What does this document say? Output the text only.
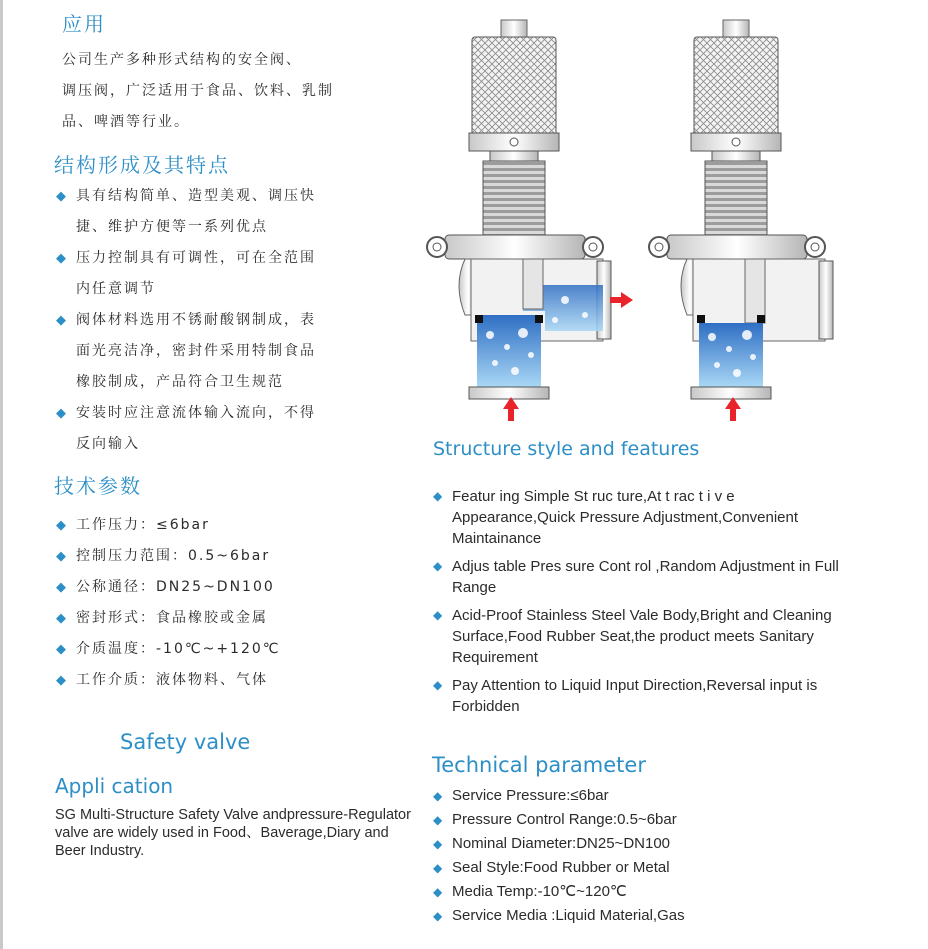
应用
公司生产多种形式结构的安全阀、
调压阀，广泛适用于食品、饮料、乳制
品、啤酒等行业。
结构形成及其特点
◆ 具有结构简单、造型美观、调压快
捷、维护方便等一系列优点
◆ 压力控制具有可调性，可在全范围
内任意调节
◆ 阀体材料选用不锈耐酸钢制成，表
面光亮洁净，密封件采用特制食品
橡胶制成，产品符合卫生规范
◆ 安装时应注意流体输入流向，不得
反向输入
技术参数
◆ 工作压力：≤6bar
◆ 控制压力范围：0.5~6bar
◆ 公称通径：DN25~DN100
◆ 密封形式：食品橡胶或金属
◆ 介质温度：-10℃~+120℃
◆ 工作介质：液体物料、气体
Safety valve
Appli cation
SG Multi-Structure Safety Valve andpressure-Regulator valve are widely used in Food、Baverage,Diary and Beer Industry.
Structure style and features
◆ Featur ing Simple St ruc ture,At t rac t i v e Appearance,Quick Pressure Adjustment,Convenient Maintainance
◆ Adjus table Pres sure Cont rol ,Random Adjustment in Full Range
◆ Acid-Proof Stainless Steel Vale Body,Bright and Cleaning Surface,Food Rubber Seat,the product meets Sanitary Requirement
◆ Pay Attention to Liquid Input Direction,Reversal input is Forbidden
Technical parameter
◆ Service Pressure:≤6bar
◆ Pressure Control Range:0.5~6bar
◆ Nominal Diameter:DN25~DN100
◆ Seal Style:Food Rubber or Metal
◆ Media Temp:-10℃~120℃
◆ Service Media :Liquid Material,Gas
